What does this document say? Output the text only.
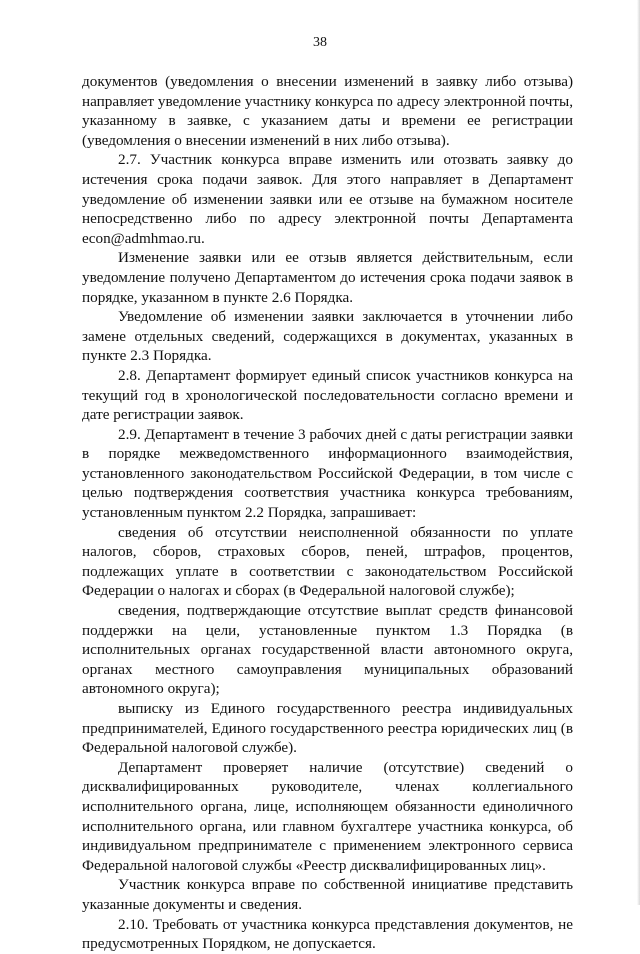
38

документов (уведомления о внесении изменений в заявку либо отзыва) направляет уведомление участнику конкурса по адресу электронной почты, указанному в заявке, с указанием даты и времени ее регистрации (уведомления о внесении изменений в них либо отзыва).

2.7. Участник конкурса вправе изменить или отозвать заявку до истечения срока подачи заявок. Для этого направляет в Департамент уведомление об изменении заявки или ее отзыве на бумажном носителе непосредственно либо по адресу электронной почты Департамента econ@admhmao.ru.

Изменение заявки или ее отзыв является действительным, если уведомление получено Департаментом до истечения срока подачи заявок в порядке, указанном в пункте 2.6 Порядка.

Уведомление об изменении заявки заключается в уточнении либо замене отдельных сведений, содержащихся в документах, указанных в пункте 2.3 Порядка.

2.8. Департамент формирует единый список участников конкурса на текущий год в хронологической последовательности согласно времени и дате регистрации заявок.

2.9. Департамент в течение 3 рабочих дней с даты регистрации заявки в порядке межведомственного информационного взаимодействия, установленного законодательством Российской Федерации, в том числе с целью подтверждения соответствия участника конкурса требованиям, установленным пунктом 2.2 Порядка, запрашивает:

сведения об отсутствии неисполненной обязанности по уплате налогов, сборов, страховых сборов, пеней, штрафов, процентов, подлежащих уплате в соответствии с законодательством Российской Федерации о налогах и сборах (в Федеральной налоговой службе);

сведения, подтверждающие отсутствие выплат средств финансовой поддержки на цели, установленные пунктом 1.3 Порядка (в исполнительных органах государственной власти автономного округа, органах местного самоуправления муниципальных образований автономного округа);

выписку из Единого государственного реестра индивидуальных предпринимателей, Единого государственного реестра юридических лиц (в Федеральной налоговой службе).

Департамент проверяет наличие (отсутствие) сведений о дисквалифицированных руководителе, членах коллегиального исполнительного органа, лице, исполняющем обязанности единоличного исполнительного органа, или главном бухгалтере участника конкурса, об индивидуальном предпринимателе с применением электронного сервиса Федеральной налоговой службы «Реестр дисквалифицированных лиц».

Участник конкурса вправе по собственной инициативе представить указанные документы и сведения.

2.10. Требовать от участника конкурса представления документов, не предусмотренных Порядком, не допускается.
